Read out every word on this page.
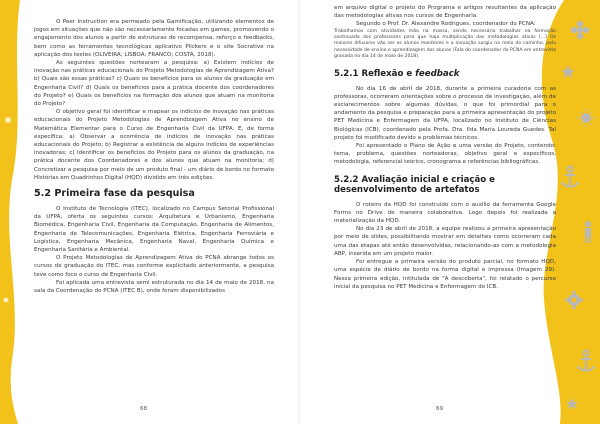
O Peer Instruction era permeado pela Gamificação, utilizando elementos de jogos em situações que não são necessariamente focadas em games, promovendo o engajamento dos alunos a partir de estruturas de recompensa, reforço e feedbacks, bem como as ferramentas tecnológicas aplicativo Plickers e o site Socrative na aplicação dos testes (OLIVEIRA; LISBOA; FRANCO; COSTA, 2018).

As seguintes questões nortearam a pesquisa: a) Existem indícios de inovação nas práticas educacionais do Projeto Metodologias de Aprendizagem Ativa? b) Quais são essas práticas? c) Quais os benefícios para os alunos da graduação em Engenharia Civil? d) Quais os benefícios para a prática docente dos coordenadores do Projeto? e) Quais os benefícios na formação dos alunos que atuam na monitoria do Projeto?

O objetivo geral foi identificar e mapear os indícios de inovação nas práticas educacionais do Projeto Metodologias de Aprendizagem Ativa no ensino de Matemática Elementar para o Curso de Engenharia Civil da UFPA. E, de forma específica: a) Observar a ocorrência de indícios de inovação nas práticas educacionais do Projeto; b) Registrar a existência de alguns indícios de experiências inovadoras; c) Identificar os benefícios do Projeto para os alunos da graduação, na prática docente dos Coordenadores e dos alunos que atuam na monitoria; d) Concretizar a pesquisa por meio de um produto final - um diário de bordo no formato Histórias em Quadrinhos Digital (HQD) dividido em três edições.

5.2 Primeira fase da pesquisa

O Instituto de Tecnologia (ITEC), localizado no Campus Setorial Profissional da UFPA, oferta os seguintes cursos: Arquitetura e Urbanismo, Engenharia Biomédica, Engenharia Civil, Engenharia da Computação, Engenharia de Alimentos, Engenharia de Telecomunicações, Engenharia Elétrica, Engenharia Ferroviária e Logística, Engenharia Mecânica, Engenharia Naval, Engenharia Química e Engenharia Sanitária e Ambiental.

O Projeto Metodologias de Aprendizagem Ativa do PCNA abrange todos os cursos de graduação do ITEC, mas conforme explicitado anteriormente, a pesquisa teve como foco o curso de Engenharia Civil.

Foi aplicada uma entrevista semi estruturada no dia 14 de maio de 2018, na sala da Coordenação do PCNA (ITEC B), onde foram disponibilizados

68

em arquivo digital o projeto do Programa e artigos resultantes da aplicação das metodologias ativas nos cursos de Engenharia.

Segundo o Prof. Dr. Alexandre Rodrigues, coordenador do PCNA:

Trabalhamos com atividades mão na massa, sendo necessário trabalhar na formação continuada dos professores para que haja multiplicação das metodologias ativas [...] Os maiores difusores vão ser os alunos monitores e a inovação surgiu no meio do caminho, pela necessidade de ensino e aprendizagem dos alunos (Fala do coordenador do PCNA em entrevista gravada no dia 14 de maio de 2018).

5.2.1 Reflexão e feedback

No dia 16 de abril de 2018, durante a primeira curadoria com as professoras, ocorreram orientações sobre o processo de investigação, além de esclarecimentos sobre algumas dúvidas, o que foi primordial para o andamento da pesquisa e preparação para a primeira apresentação do projeto PET Medicina e Enfermagem da UFPA, localizado no Instituto de Ciências Biológicas (ICB), coordenado pela Profa. Dra. Ilda Maria Loureda Guedes. Tal projeto foi modificado devido a problemas técnicos.

Foi apresentado o Plano de Ação e uma versão do Projeto, contendo: tema, problema, questões norteadoras, objetivo geral e específicos, metodologia, referencial teórico, cronograma e referências bibliográficas.

5.2.2 Avaliação inicial e criação e desenvolvimento de artefatos

O roteiro da HQD foi construído com o auxílio da ferramenta Google Forms no Drive de maneira colaborativa. Logo depois foi realizada a materialização da HQD.

No dia 23 de abril de 2018, a equipe realizou a primeira apresentação por meio de slides, possibilitando mostrar em detalhes como ocorreram cada uma das etapas até então desenvolvidas, relacionando-as com a metodologia ABP, inserida em um projeto maior.

Foi entregue a primeira versão do produto parcial, no formato HQD, uma espécie de diário de bordo na forma digital e impressa (Imagem 29). Nessa primeira edição, intitulada de "A descoberta", foi relatado o percurso inicial da pesquisa no PET Medicina e Enfermagem do ICB.

69
